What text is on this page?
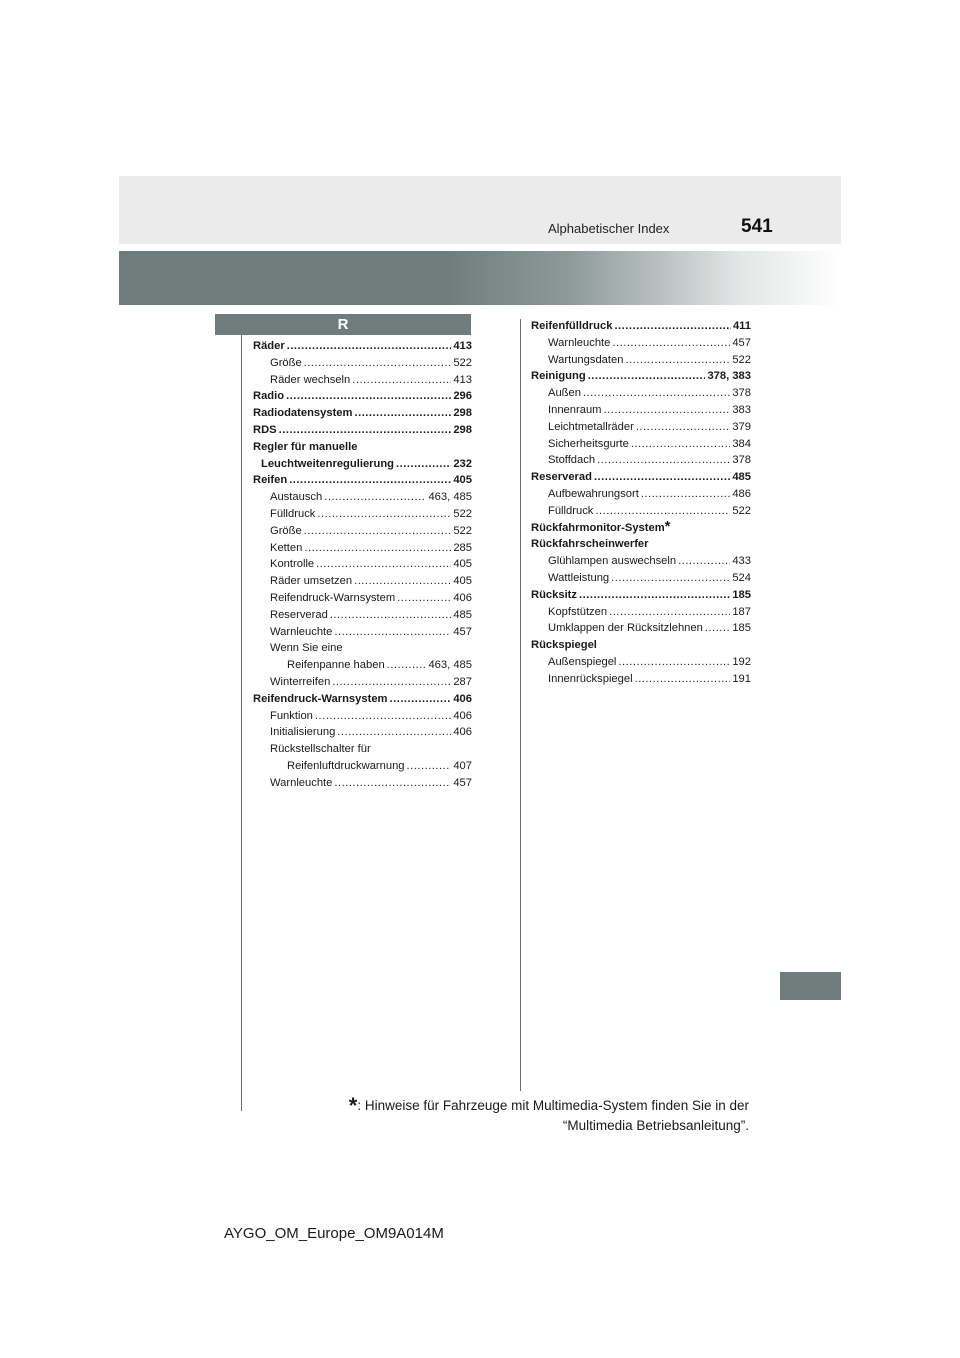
Alphabetischer Index	541
R
Räder .....	413
Größe .....	522
Räder wechseln .....	413
Radio .....	296
Radiodatensystem .....	298
RDS .....	298
Regler für manuelle
Leuchtweitenregulierung .....	232
Reifen .....	405
Austausch .....	463, 485
Fülldruck .....	522
Größe .....	522
Ketten .....	285
Kontrolle .....	405
Räder umsetzen .....	405
Reifendruck-Warnsystem .....	406
Reserverad .....	485
Warnleuchte .....	457
Wenn Sie eine
Reifenpanne haben .....	463, 485
Winterreifen .....	287
Reifendruck-Warnsystem .....	406
Funktion .....	406
Initialisierung .....	406
Rückstellschalter für
Reifenluftdruckwarnung .....	407
Warnleuchte .....	457
Reifenfülldruck .....	411
Warnleuchte .....	457
Wartungsdaten .....	522
Reinigung .....	378, 383
Außen .....	378
Innenraum .....	383
Leichtmetallräder .....	379
Sicherheitsgurte .....	384
Stoffdach .....	378
Reserverad .....	485
Aufbewahrungsort .....	486
Fülldruck .....	522
Rückfahrmonitor-System *
Rückfahrscheinwerfer
Glühlampen auswechseln .....	433
Wattleistung .....	524
Rücksitz .....	185
Kopfstützen .....	187
Umklappen der Rücksitzlehnen .....	185
Rückspiegel
Außenspiegel .....	192
Innenrückspiegel .....	191
*: Hinweise für Fahrzeuge mit Multimedia-System finden Sie in der
“Multimedia Betriebsanleitung”.
AYGO_OM_Europe_OM9A014M
